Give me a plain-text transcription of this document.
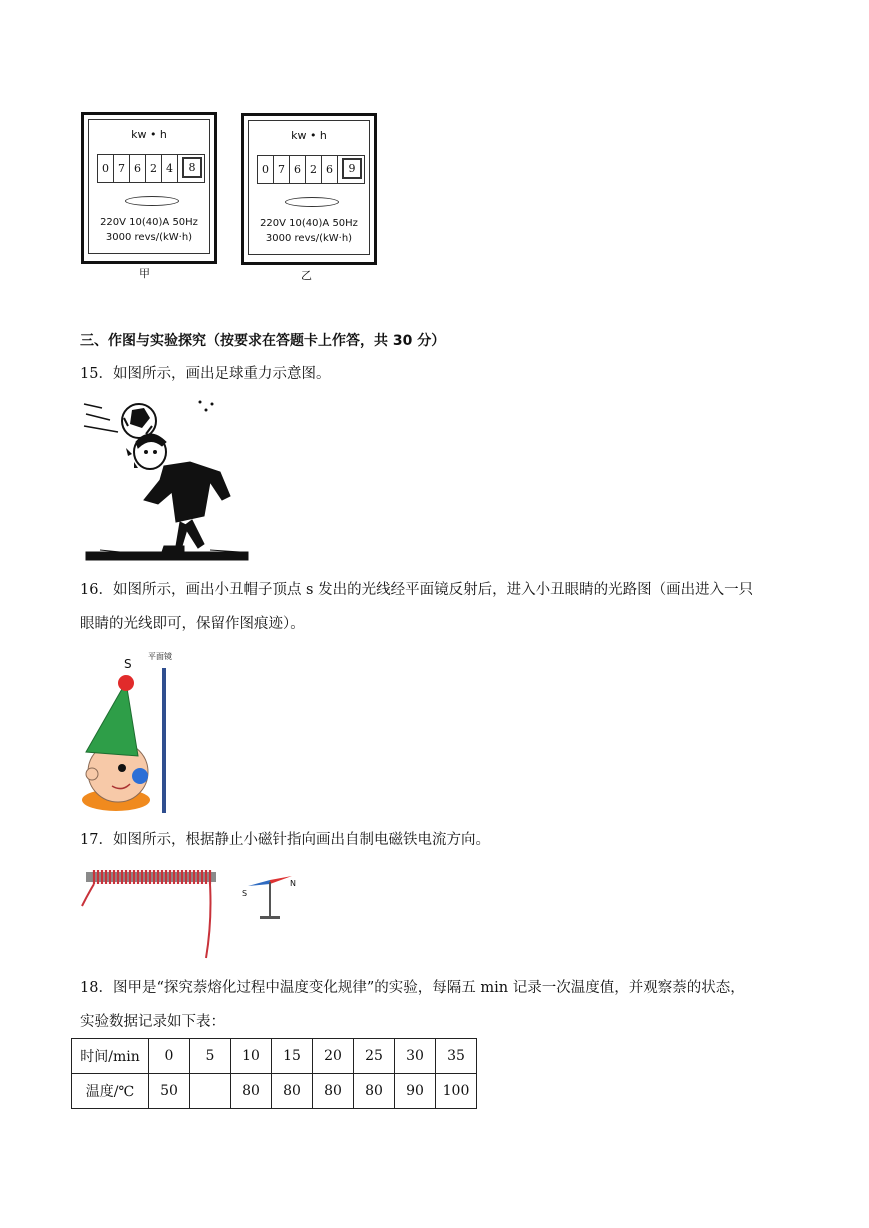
kw • h
0 7 6 2 4	8
220V 10(40)A 50Hz
3000 revs/(kW·h)
甲
kw • h
0 7 6 2 6	9
220V 10(40)A 50Hz
3000 revs/(kW·h)
乙
三、作图与实验探究（按要求在答题卡上作答，共 30 分）
15．如图所示，画出足球重力示意图。
16．如图所示，画出小丑帽子顶点 s 发出的光线经平面镜反射后，进入小丑眼睛的光路图（画出进入一只
眼睛的光线即可，保留作图痕迹）。
S
平面镜
17．如图所示，根据静止小磁针指向画出自制电磁铁电流方向。
S
N
18．图甲是“探究萘熔化过程中温度变化规律”的实验，每隔五 min 记录一次温度值，并观察萘的状态，
实验数据记录如下表：
时间/min	0	5	10	15	20	25	30	35
温度/℃	50		80	80	80	80	90	100
